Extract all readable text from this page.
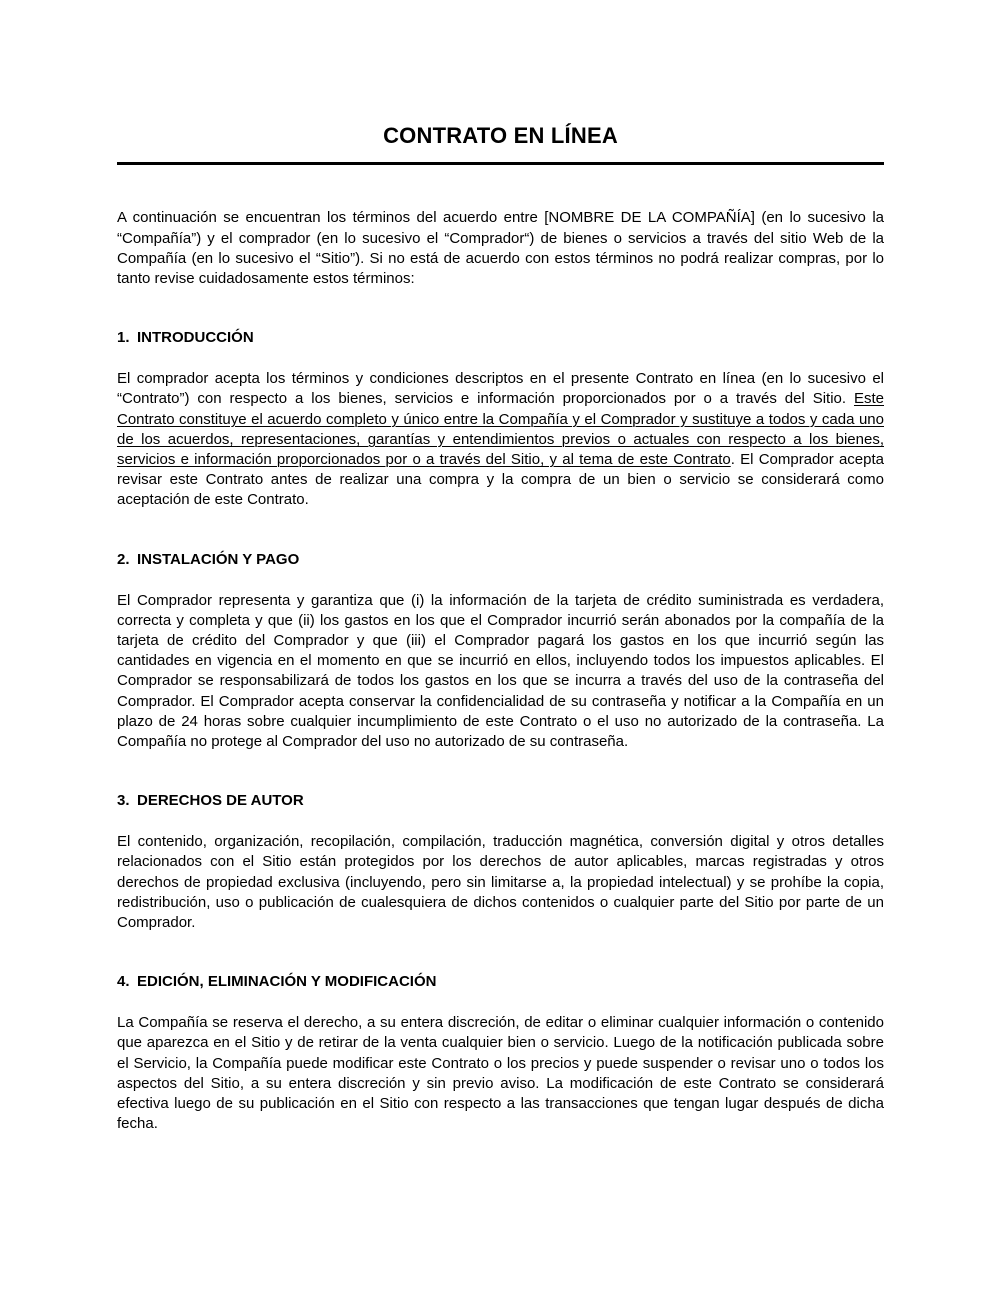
CONTRATO EN LÍNEA

A continuación se encuentran los términos del acuerdo entre [NOMBRE DE LA COMPAÑÍA] (en lo sucesivo la “Compañía”) y el comprador (en lo sucesivo el “Comprador“) de bienes o servicios a través del sitio Web de la Compañía (en lo sucesivo el “Sitio”). Si no está de acuerdo con estos términos no podrá realizar compras, por lo tanto revise cuidadosamente estos términos:

1. INTRODUCCIÓN

El comprador acepta los términos y condiciones descriptos en el presente Contrato en línea (en lo sucesivo el “Contrato”) con respecto a los bienes, servicios e información proporcionados por o a través del Sitio. Este Contrato constituye el acuerdo completo y único entre la Compañía y el Comprador y sustituye a todos y cada uno de los acuerdos, representaciones, garantías y entendimientos previos o actuales con respecto a los bienes, servicios e información proporcionados por o a través del Sitio, y al tema de este Contrato. El Comprador acepta revisar este Contrato antes de realizar una compra y la compra de un bien o servicio se considerará como aceptación de este Contrato.

2. INSTALACIÓN Y PAGO

El Comprador representa y garantiza que (i) la información de la tarjeta de crédito suministrada es verdadera, correcta y completa y que (ii) los gastos en los que el Comprador incurrió serán abonados por la compañía de la tarjeta de crédito del Comprador y que (iii) el Comprador pagará los gastos en los que incurrió según las cantidades en vigencia en el momento en que se incurrió en ellos, incluyendo todos los impuestos aplicables. El Comprador se responsabilizará de todos los gastos en los que se incurra a través del uso de la contraseña del Comprador. El Comprador acepta conservar la confidencialidad de su contraseña y notificar a la Compañía en un plazo de 24 horas sobre cualquier incumplimiento de este Contrato o el uso no autorizado de la contraseña. La Compañía no protege al Comprador del uso no autorizado de su contraseña.

3. DERECHOS DE AUTOR

El contenido, organización, recopilación, compilación, traducción magnética, conversión digital y otros detalles relacionados con el Sitio están protegidos por los derechos de autor aplicables, marcas registradas y otros derechos de propiedad exclusiva (incluyendo, pero sin limitarse a, la propiedad intelectual) y se prohíbe la copia, redistribución, uso o publicación de cualesquiera de dichos contenidos o cualquier parte del Sitio por parte de un Comprador.

4. EDICIÓN, ELIMINACIÓN Y MODIFICACIÓN

La Compañía se reserva el derecho, a su entera discreción, de editar o eliminar cualquier información o contenido que aparezca en el Sitio y de retirar de la venta cualquier bien o servicio. Luego de la notificación publicada sobre el Servicio, la Compañía puede modificar este Contrato o los precios y puede suspender o revisar uno o todos los aspectos del Sitio, a su entera discreción y sin previo aviso. La modificación de este Contrato se considerará efectiva luego de su publicación en el Sitio con respecto a las transacciones que tengan lugar después de dicha fecha.
